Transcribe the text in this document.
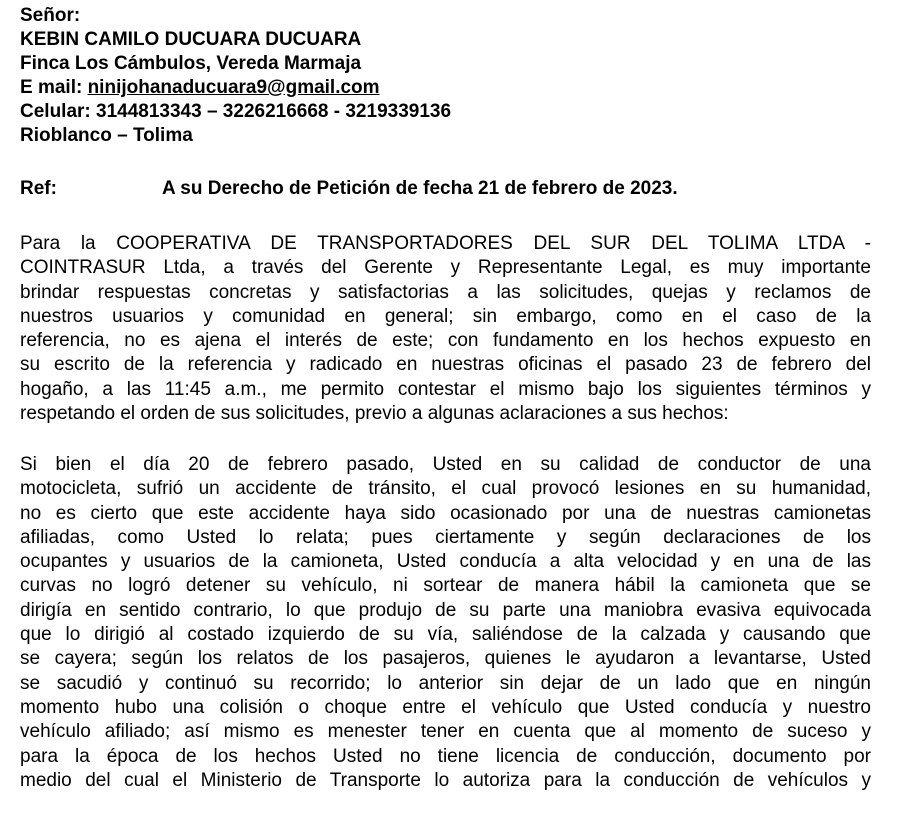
Señor:
KEBIN CAMILO DUCUARA DUCUARA
Finca Los Cámbulos, Vereda Marmaja
E mail: ninijohanaducuara9@gmail.com
Celular: 3144813343 – 3226216668 - 3219339136
Rioblanco – Tolima
Ref:	A su Derecho de Petición de fecha 21 de febrero de 2023.
Para la COOPERATIVA DE TRANSPORTADORES DEL SUR DEL TOLIMA LTDA -
COINTRASUR Ltda, a través del Gerente y Representante Legal, es muy importante
brindar respuestas concretas y satisfactorias a las solicitudes, quejas y reclamos de
nuestros usuarios y comunidad en general; sin embargo, como en el caso de la
referencia, no es ajena el interés de este; con fundamento en los hechos expuesto en
su escrito de la referencia y radicado en nuestras oficinas el pasado 23 de febrero del
hogaño, a las 11:45 a.m., me permito contestar el mismo bajo los siguientes términos y
respetando el orden de sus solicitudes, previo a algunas aclaraciones a sus hechos:
Si bien el día 20 de febrero pasado, Usted en su calidad de conductor de una
motocicleta, sufrió un accidente de tránsito, el cual provocó lesiones en su humanidad,
no es cierto que este accidente haya sido ocasionado por una de nuestras camionetas
afiliadas, como Usted lo relata; pues ciertamente y según declaraciones de los
ocupantes y usuarios de la camioneta, Usted conducía a alta velocidad y en una de las
curvas no logró detener su vehículo, ni sortear de manera hábil la camioneta que se
dirigía en sentido contrario, lo que produjo de su parte una maniobra evasiva equivocada
que lo dirigió al costado izquierdo de su vía, saliéndose de la calzada y causando que
se cayera; según los relatos de los pasajeros, quienes le ayudaron a levantarse, Usted
se sacudió y continuó su recorrido; lo anterior sin dejar de un lado que en ningún
momento hubo una colisión o choque entre el vehículo que Usted conducía y nuestro
vehículo afiliado; así mismo es menester tener en cuenta que al momento de suceso y
para la época de los hechos Usted no tiene licencia de conducción, documento por
medio del cual el Ministerio de Transporte lo autoriza para la conducción de vehículos y
